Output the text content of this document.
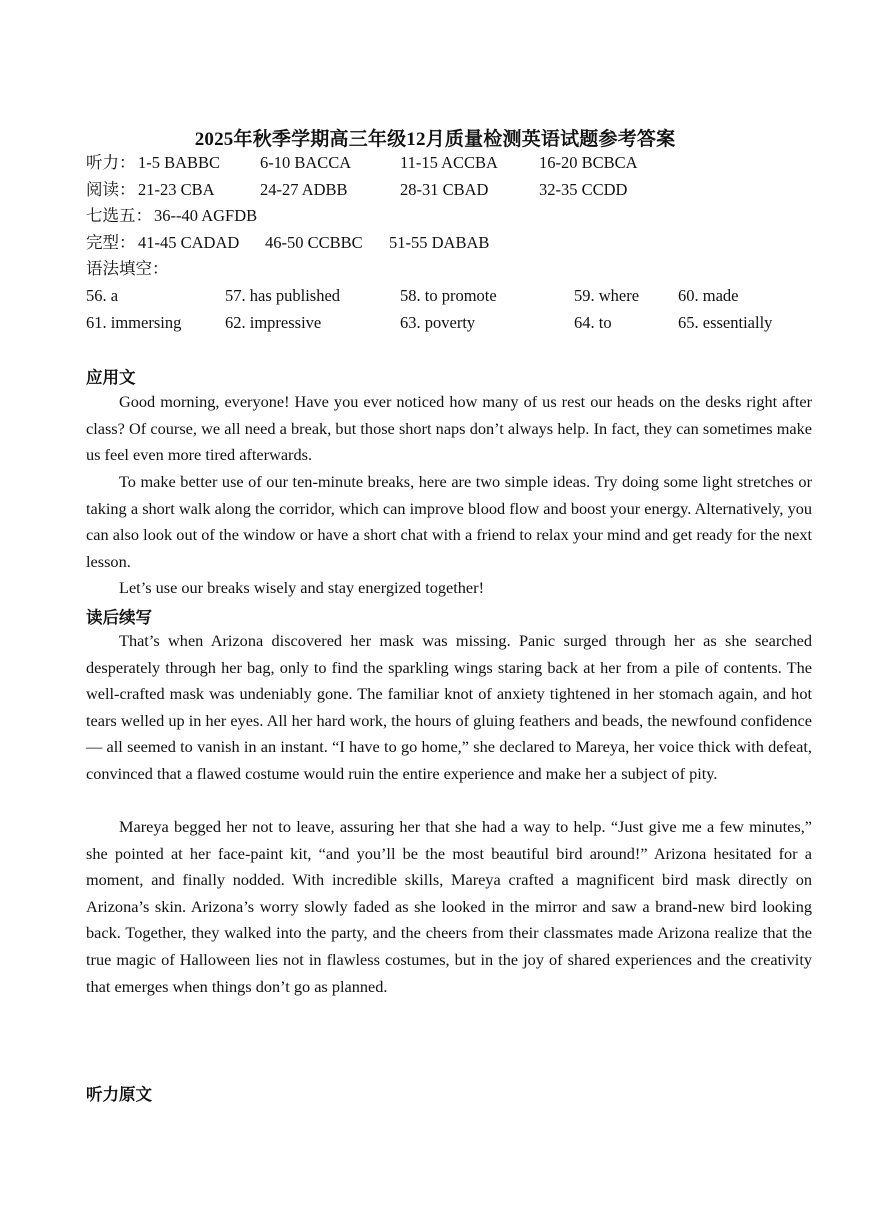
2025年秋季学期高三年级12月质量检测英语试题参考答案
听力： 1-5 BABBC 6-10 BACCA	11-15 ACCBA 16-20 BCBCA
阅读： 21-23 CBA	24-27 ADBB	28-31 CBAD	32-35 CCDD
七选五： 36--40 AGFDB
完型： 41-45 CADAD 46-50 CCBBC 51-55 DABAB
语法填空：
56. a	57. has published	58. to promote	59. where 60. made
61. immersing	62. impressive	63. poverty	64. to	65. essentially
应用文

Good morning, everyone! Have you ever noticed how many of us rest our heads on the desks right after class? Of course, we all need a break, but those short naps don’t always help. In fact, they can sometimes make us feel even more tired afterwards.

To make better use of our ten-minute breaks, here are two simple ideas. Try doing some light stretches or taking a short walk along the corridor, which can improve blood flow and boost your energy. Alternatively, you can also look out of the window or have a short chat with a friend to relax your mind and get ready for the next lesson.

Let’s use our breaks wisely and stay energized together!

读后续写

That’s when Arizona discovered her mask was missing. Panic surged through her as she searched desperately through her bag, only to find the sparkling wings staring back at her from a pile of contents. The well-crafted mask was undeniably gone. The familiar knot of anxiety tightened in her stomach again, and hot tears welled up in her eyes. All her hard work, the hours of gluing feathers and beads, the newfound confidence — all seemed to vanish in an instant. “I have to go home,” she declared to Mareya, her voice thick with defeat, convinced that a flawed costume would ruin the entire experience and make her a subject of pity.

Mareya begged her not to leave, assuring her that she had a way to help. “Just give me a few minutes,” she pointed at her face-paint kit, “and you’ll be the most beautiful bird around!” Arizona hesitated for a moment, and finally nodded. With incredible skills, Mareya crafted a magnificent bird mask directly on Arizona’s skin. Arizona’s worry slowly faded as she looked in the mirror and saw a brand-new bird looking back. Together, they walked into the party, and the cheers from their classmates made Arizona realize that the true magic of Halloween lies not in flawless costumes, but in the joy of shared experiences and the creativity that emerges when things don’t go as planned.

听力原文
